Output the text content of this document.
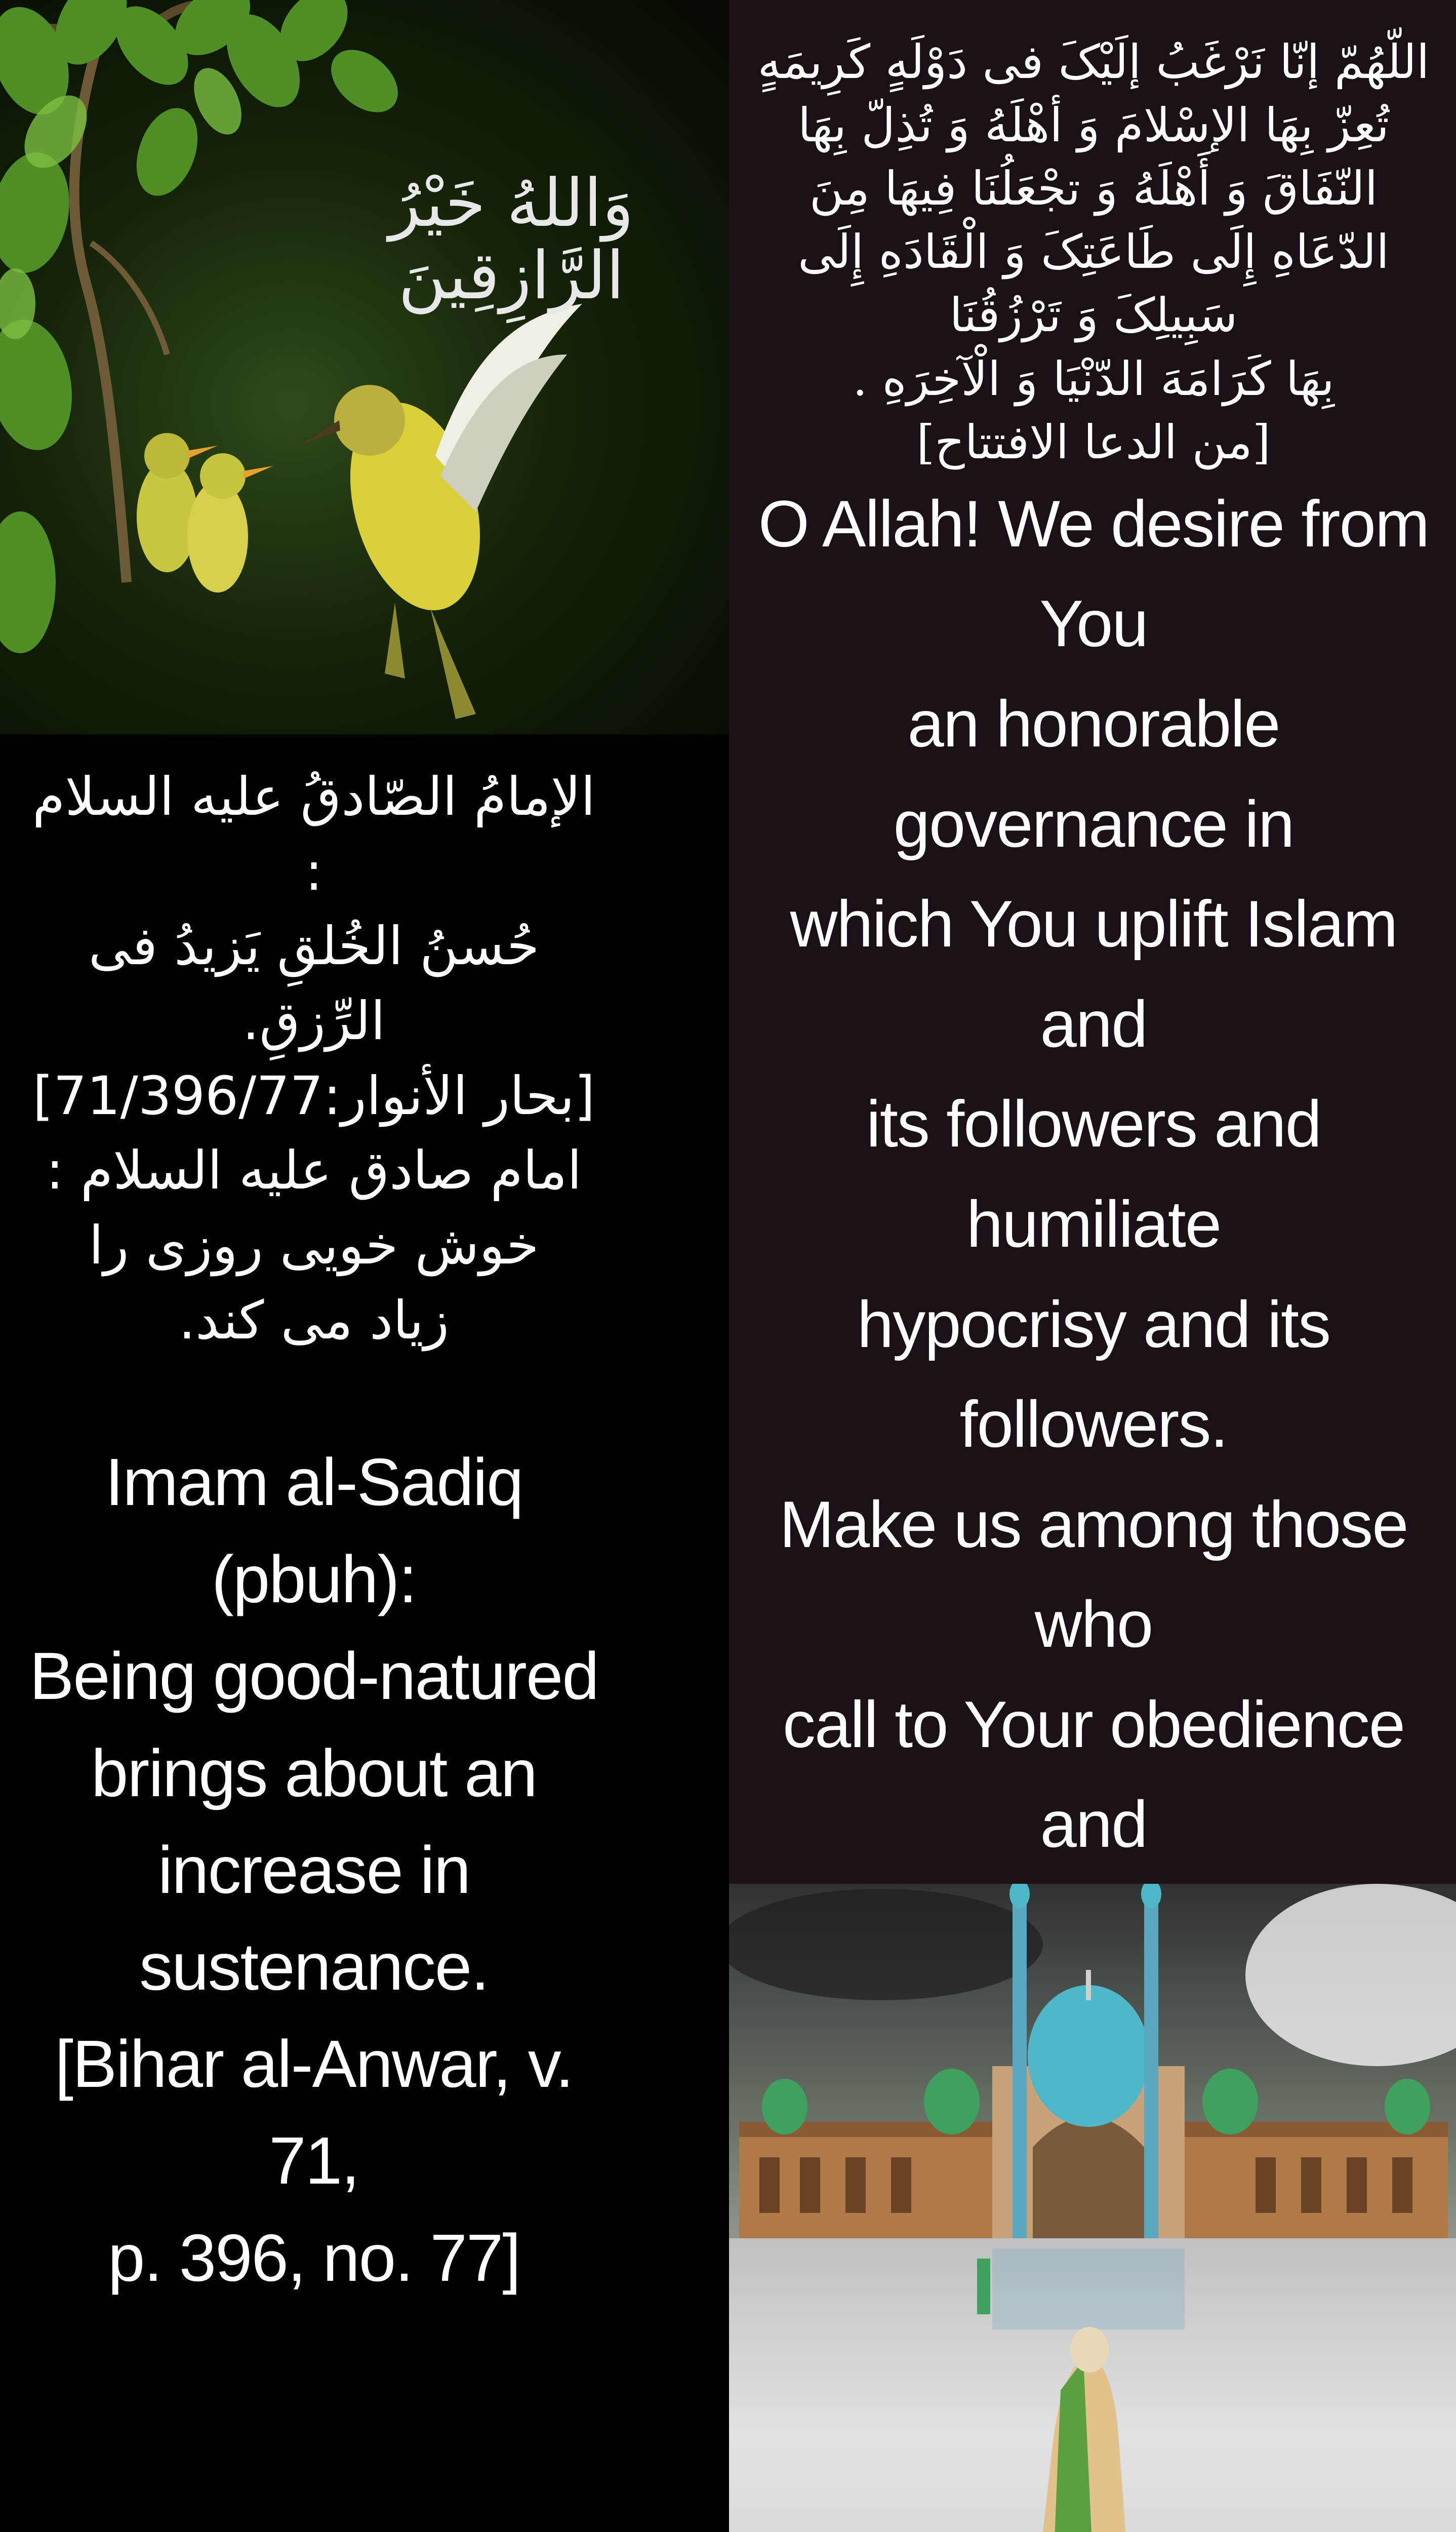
وَاللهُ خَيْرُ الرَّازِقِينَ

الإمامُ الصّادقُ عليه السلام :

حُسنُ الخُلقِ يَزيدُ فى الرِّزقِ.

[بحار الأنوار:71/396/77]

امام صادق علیه السلام :

خوش خويى روزى را

زياد مى كند.

Imam al-Sadiq (pbuh):

Being good-natured

brings about an

increase in

sustenance.

[Bihar al-Anwar, v. 71,

p. 396, no. 77]

اللّهُمّ إنّا نَرْغَبُ إلَيْکَ فی دَوْلَهٍ کَرِيمَهٍ

تُعِزّ بِهَا الإسْلامَ وَ أهْلَهُ وَ تُذِلّ بِهَا

النّفَاقَ وَ أَهْلَهُ وَ تجْعَلُنَا فِيهَا مِنَ

الدّعَاهِ إِلَى طَاعَتِکَ وَ الْقَادَهِ إِلَى

سَبِيلِکَ وَ تَرْزُقُنَا

بِهَا كَرَامَهَ الدّنْيَا وَ الْآخِرَهِ .

[من الدعا الافتتاح]

O Allah! We desire from You

an honorable governance in

which You uplift Islam and

its followers and humiliate

hypocrisy and its followers.

Make us among those who

call to Your obedience and
